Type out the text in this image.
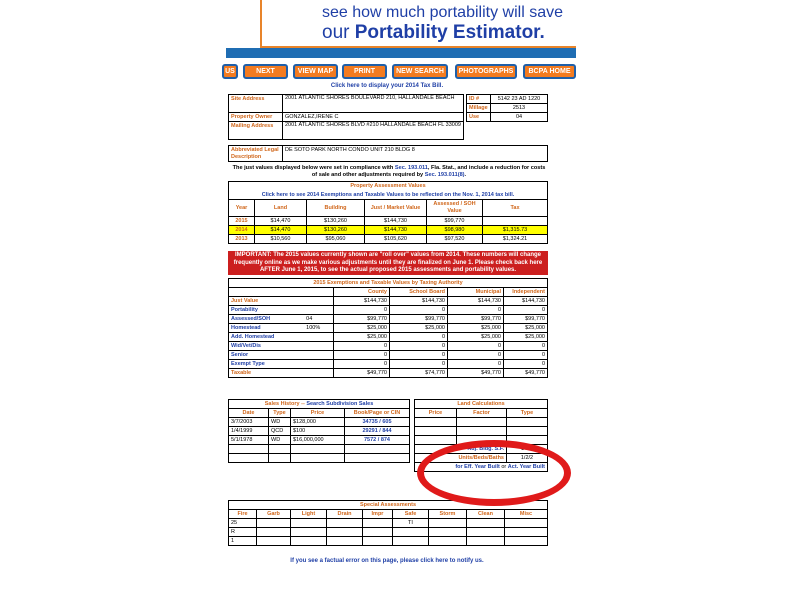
see how much portability will save
our Portability Estimator.
US	NEXT	VIEW MAP	PRINT	NEW SEARCH	PHOTOGRAPHS	BCPA HOME
Click here to display your 2014 Tax Bill.
Site Address	2001 ATLANTIC SHORES BOULEVARD 210, HALLANDALE BEACH
Property Owner	GONZALEZ,IRENE C
Mailing Address	2001 ATLANTIC SHORES BLVD #210 HALLANDALE BEACH FL 33009
ID #	5142 23 AD 1220
Millage	2513
Use	04
Abbreviated Legal Description	DE SOTO PARK NORTH CONDO UNIT 210 BLDG 8
The just values displayed below were set in compliance with Sec. 193.011, Fla. Stat., and include a reduction for costs of sale and other adjustments required by Sec. 193.011(8).
Property Assessment Values					
Click here to see 2014 Exemptions and Taxable Values to be reflected on the Nov. 1, 2014 tax bill.					
Year	Land	Building	Just / Market Value	Assessed / SOH Value	Tax
2015	$14,470	$130,260	$144,730	$99,770	
2014	$14,470	$130,260	$144,730	$98,980	$1,315.73
2013	$10,560	$95,060	$105,620	$97,520	$1,324.21
IMPORTANT: The 2015 values currently shown are "roll over" values from 2014. These numbers will change frequently online as we make various adjustments until they are finalized on June 1. Please check back here AFTER June 1, 2015, to see the actual proposed 2015 assessments and portability values.
2015 Exemptions and Taxable Values by Taxing Authority					
		County	School Board	Municipal	Independent
Just Value		$144,730	$144,730	$144,730	$144,730
Portability		0	0	0	0
Assessed/SOH	04	$99,770	$99,770	$99,770	$99,770
Homestead	100%	$25,000	$25,000	$25,000	$25,000
Add. Homestead		$25,000	0	$25,000	$25,000
Wid/Vet/Dis		0	0	0	0
Senior		0	0	0	0
Exempt Type		0	0	0	0
Taxable		$49,770	$74,770	$49,770	$49,770
Sales History -- Search Subdivision Sales			
Date	Type	Price	Book/Page or CIN
3/7/2003	WD	$128,000	34735 / 605
1/4/1999	QCD	$100	29291 / 844
5/1/1978	WD	$16,000,000	7572 / 874

Land Calculations		
Price	Factor	Type

Adj. Bldg. S.F.		1450
Units/Beds/Baths		1/2/2
for Eff. Year Built or Act. Year Built		
Special Assessments								
Fire	Garb	Light	Drain	Impr	Safe	Storm	Clean	Misc
25					TI			
R								
1								
If you see a factual error on this page, please click here to notify us.
